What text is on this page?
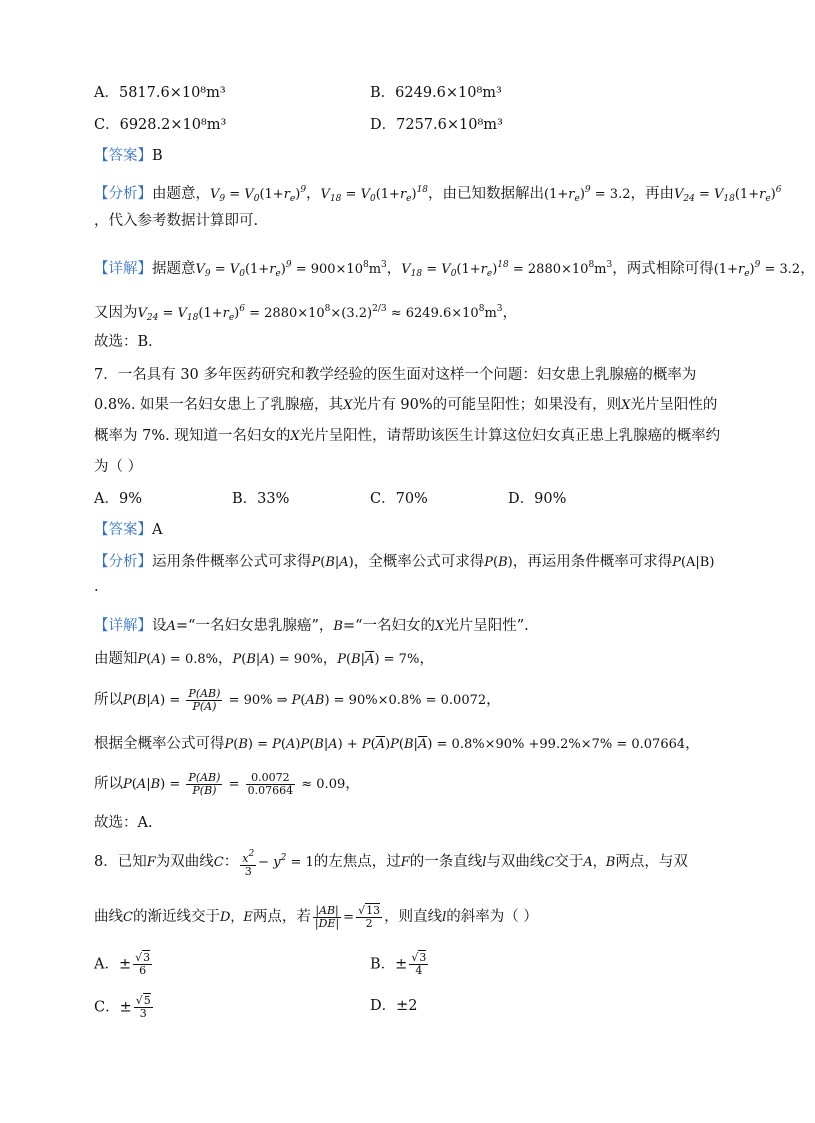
A．5817.6×10⁸m³	B．6249.6×10⁸m³
C．6928.2×10⁸m³	D．7257.6×10⁸m³
【答案】B
【分析】由题意，$V_9 = V_0(1+r_e)^9$，$V_{18} = V_0(1+r_e)^{18}$，由已知数据解出$(1+r_e)^9 = 3.2$，再由$V_{24} = V_{18}(1+r_e)^6$
，代入参考数据计算即可.
【详解】据题意$V_9 = V_0(1+r_e)^9 = 900\times 10^8m^3$，$V_{18} = V_0(1+r_e)^{18} = 2880\times 10^8m^3$，两式相除可得$(1+r_e)^9 = 3.2$，
又因为$V_{24} = V_{18}(1+r_e)^6 = 2880\times 10^8\times(3.2)^{2/3} \approx 6249.6\times 10^8m^3$，
故选：B．
7．一名具有 30 多年医药研究和教学经验的医生面对这样一个问题：妇女患上乳腺癌的概率为
0.8%. 如果一名妇女患上了乳腺癌，其X光片有 90%的可能呈阳性；如果没有，则X光片呈阳性的
概率为 7%. 现知道一名妇女的X光片呈阳性，请帮助该医生计算这位妇女真正患上乳腺癌的概率约
为（ ）
A．9%	B．33%	C．70%	D．90%
【答案】A
【分析】运用条件概率公式可求得P(B|A)，全概率公式可求得P(B)，再运用条件概率可求得P(A|B)
.
【详解】设A=“一名妇女患乳腺癌”，B=“一名妇女的X光片呈阳性”.
由题知P(A) = 0.8%，P(B|A) = 90%，$P(B|\overline{A}) = 7\%$，
所以$P(B|A) = \frac{P(AB)}{P(A)} = 90\%$ ⇒ P(AB) = 90%×0.8% = 0.0072，
根据全概率公式可得$P(B) = P(A)P(B|A) + P(\overline{A})P(B|\overline{A}) = 0.8\%\times 90\% +99.2\%\times 7\% = 0.07664$，
所以$P(A|B) = \frac{P(AB)}{P(B)} = \frac{0.0072}{0.07664} \approx 0.09$，
故选：A.
8．已知F为双曲线C： $\frac{x^2}{3} - y^2 = 1$的左焦点，过F的一条直线l与双曲线C交于A，B两点，与双
曲线C的渐近线交于D，E两点，若 $\frac{|AB|}{|DE|} = \frac{√13}{2}$ ，则直线l的斜率为（ ）
A．± $\frac{√3}{6}$	B．± $\frac{√3}{4}$
C．± $\frac{√5}{3}$	D．±2
